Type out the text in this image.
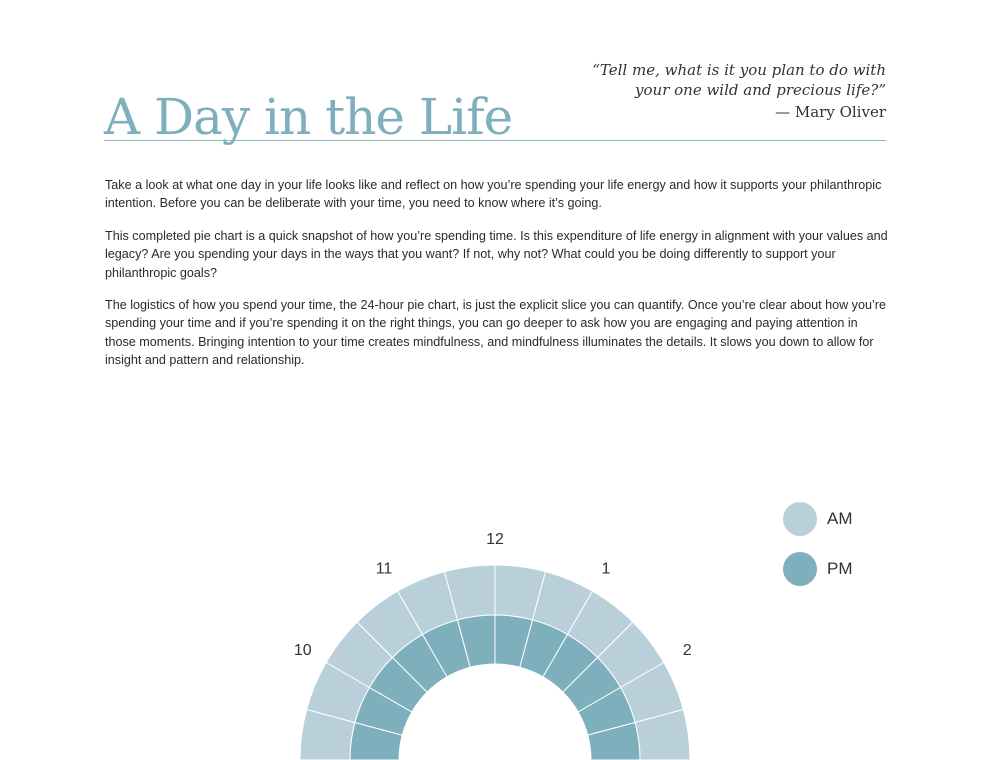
A Day in the Life
“Tell me, what is it you plan to do with
your one wild and precious life?”
— Mary Oliver

Take a look at what one day in your life looks like and reflect on how you’re spending your life energy and how it supports your philanthropic intention. Before you can be deliberate with your time, you need to know where it’s going.

This completed pie chart is a quick snapshot of how you’re spending time. Is this expenditure of life energy in alignment with your values and legacy? Are you spending your days in the ways that you want? If not, why not? What could you be doing differently to support your philanthropic goals?

The logistics of how you spend your time, the 24-hour pie chart, is just the explicit slice you can quantify. Once you’re clear about how you’re spending your time and if you’re spending it on the right things, you can go deeper to ask how you are engaging and paying attention in those moments. Bringing intention to your time creates mindfulness, and mindfulness illuminates the details. It slows you down to allow for insight and pattern and relationship.

12
1
2
10
11
AM
PM
